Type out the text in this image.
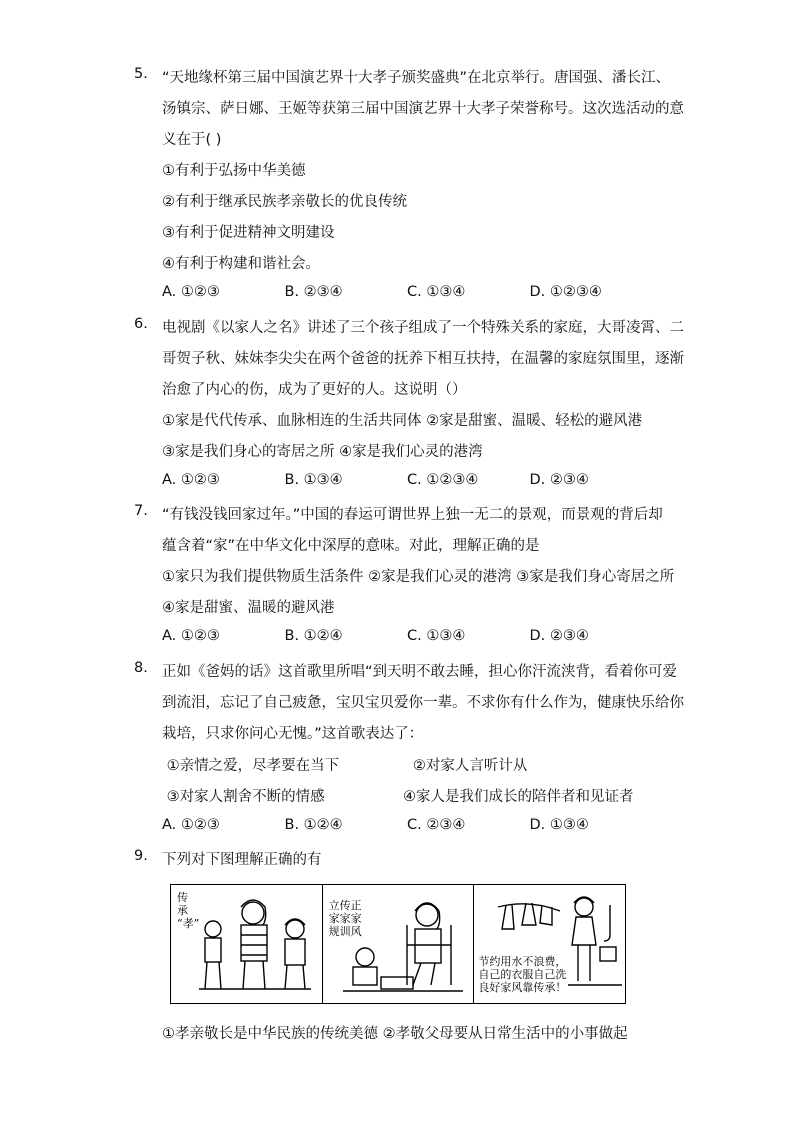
5. “天地缘杯第三届中国演艺界十大孝子颁奖盛典”在北京举行。唐国强、潘长江、
汤镇宗、萨日娜、王姬等获第三届中国演艺界十大孝子荣誉称号。这次选活动的意
义在于( )
①有利于弘扬中华美德
②有利于继承民族孝亲敬长的优良传统
③有利于促进精神文明建设
④有利于构建和谐社会。
A. ①②③	B. ②③④	C. ①③④	D. ①②③④
6. 电视剧《以家人之名》讲述了三个孩子组成了一个特殊关系的家庭，大哥凌霄、二
哥贺子秋、妹妹李尖尖在两个爸爸的抚养下相互扶持，在温馨的家庭氛围里，逐渐
治愈了内心的伤，成为了更好的人。这说明（）
①家是代代传承、血脉相连的生活共同体 ②家是甜蜜、温暖、轻松的避风港
③家是我们身心的寄居之所 ④家是我们心灵的港湾
A. ①②③	B. ①③④	C. ①②③④	D. ②③④
7. “有钱没钱回家过年。”中国的春运可谓世界上独一无二的景观，而景观的背后却
蕴含着“家”在中华文化中深厚的意味。对此，理解正确的是
①家只为我们提供物质生活条件 ②家是我们心灵的港湾 ③家是我们身心寄居之所
④家是甜蜜、温暖的避风港
A. ①②③	B. ①②④	C. ①③④	D. ②③④
8. 正如《爸妈的话》这首歌里所唱“到天明不敢去睡，担心你汗流浃背，看着你可爱
到流泪，忘记了自己疲惫，宝贝宝贝爱你一辈。不求你有什么作为，健康快乐给你
栽培，只求你问心无愧。”这首歌表达了：
①亲情之爱，尽孝要在当下                ②对家人言听计从
③对家人割舍不断的情感                 ④家人是我们成长的陪伴者和见证者
A. ①②③	B. ①②④	C. ②③④	D. ①③④
9. 下列对下图理解正确的有
传
承
“孝”
立传正
家家家
规训风
节约用水不浪费，
自己的衣服自己洗
良好家风靠传承！
①孝亲敬长是中华民族的传统美德 ②孝敬父母要从日常生活中的小事做起
